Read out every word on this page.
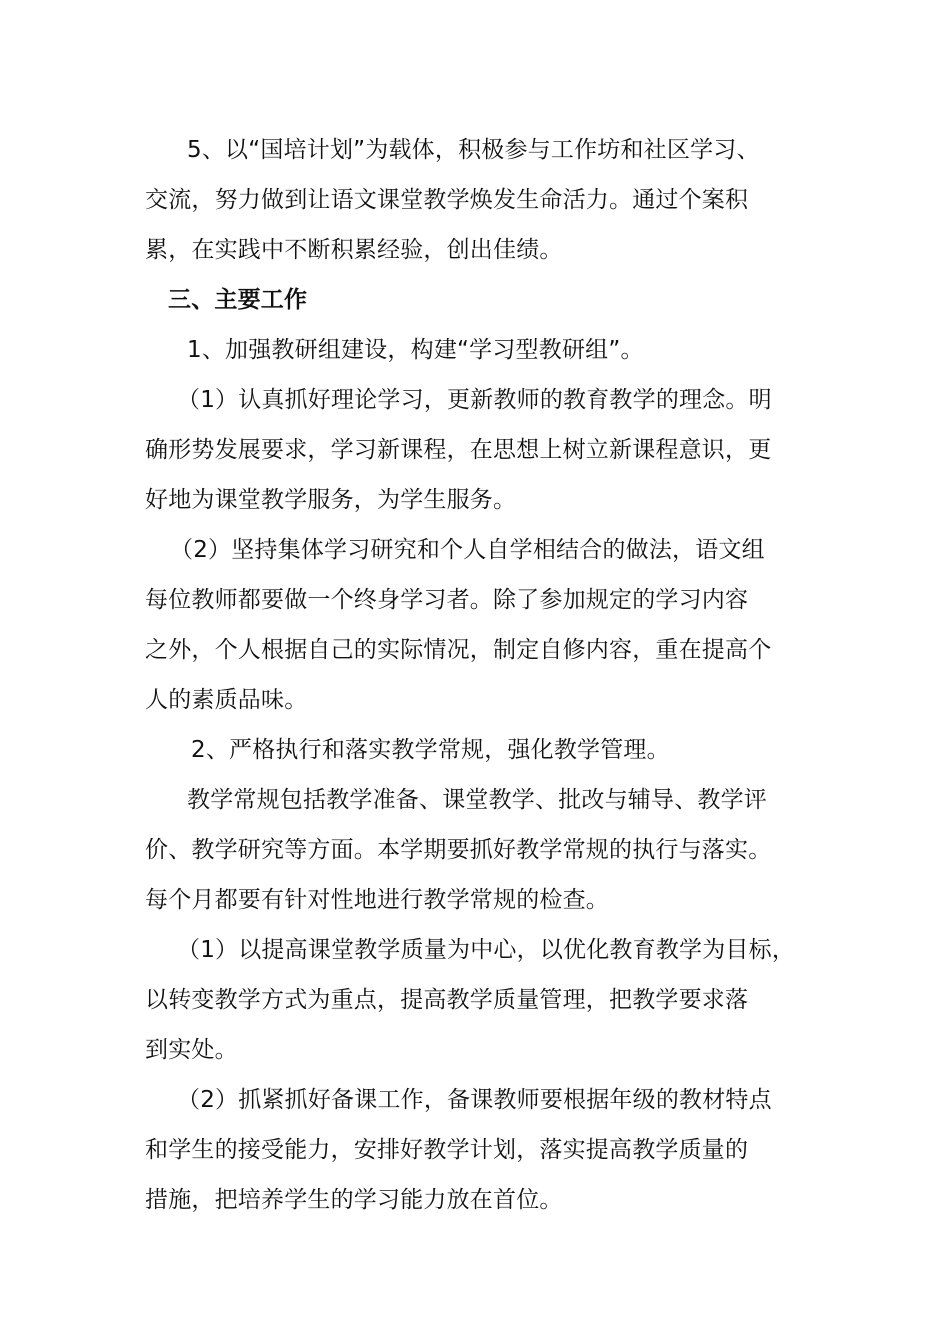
5、以“国培计划”为载体，积极参与工作坊和社区学习、
交流，努力做到让语文课堂教学焕发生命活力。通过个案积
累，在实践中不断积累经验，创出佳绩。
三、主要工作
1、加强教研组建设，构建“学习型教研组”。
（1）认真抓好理论学习，更新教师的教育教学的理念。明
确形势发展要求，学习新课程，在思想上树立新课程意识，更
好地为课堂教学服务，为学生服务。
（2）坚持集体学习研究和个人自学相结合的做法，语文组
每位教师都要做一个终身学习者。除了参加规定的学习内容
之外，个人根据自己的实际情况，制定自修内容，重在提高个
人的素质品味。
2、严格执行和落实教学常规，强化教学管理。
教学常规包括教学准备、课堂教学、批改与辅导、教学评
价、教学研究等方面。本学期要抓好教学常规的执行与落实。
每个月都要有针对性地进行教学常规的检查。
（1）以提高课堂教学质量为中心，以优化教育教学为目标，
以转变教学方式为重点，提高教学质量管理，把教学要求落
到实处。
（2）抓紧抓好备课工作，备课教师要根据年级的教材特点
和学生的接受能力，安排好教学计划，落实提高教学质量的
措施，把培养学生的学习能力放在首位。
